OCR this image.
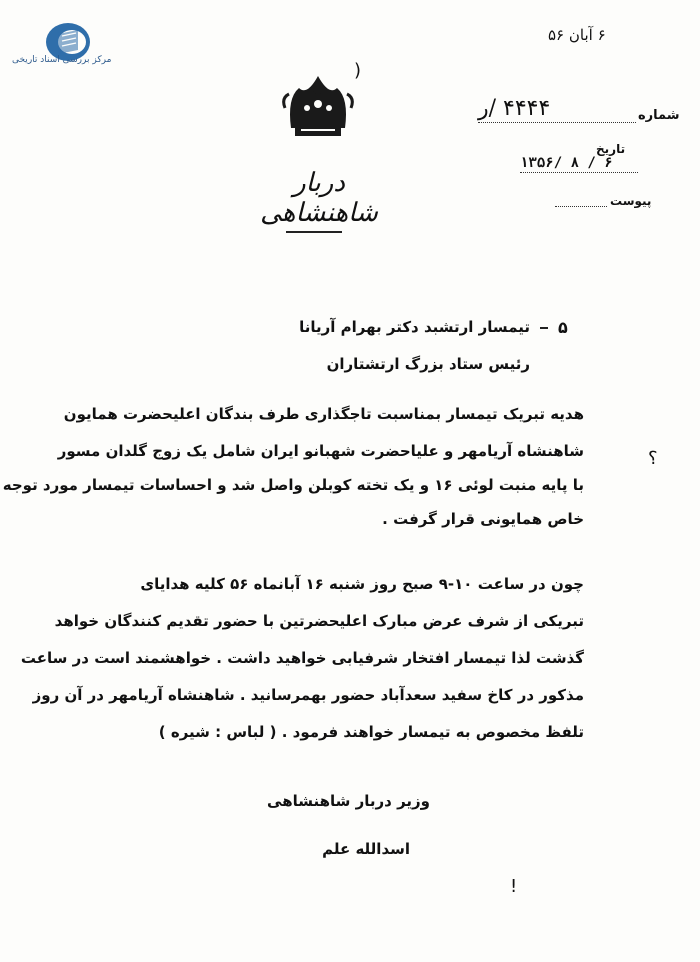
مرکز بررسی اسناد تاریخی
۶ آبان ۵۶
)
دربار شاهنشاهی
شماره
۴۴۴۴ /ر
تاریخ
۱۳۵۶/ ۸ / ۶
پیوست
۵
تیمسار ارتشبد دکتر بهرام آریانا
رئیس ستاد بزرگ ارتشتاران
هدیه تبریک تیمسار بمناسبت تاجگذاری طرف بندگان اعلیحضرت همایون
شاهنشاه آریامهر و علیاحضرت شهبانو ایران شامل یک زوج گلدان مسور
با پایه منبت لوئی ۱۶ و یک تخته کوبلن واصل شد و احساسات تیمسار مورد توجه
خاص همایونی قرار گرفت .
؟
چون در ساعت ۱۰-۹ صبح روز شنبه ۱۶ آبانماه ۵۶ کلیه هدایای
تبریکی از شرف عرض مبارک اعلیحضرتین با حضور تقدیم کنندگان خواهد
گذشت لذا تیمسار افتخار شرفیابی خواهید داشت . خواهشمند است در ساعت
مذکور در کاخ سفید سعدآباد حضور بهمرسانید . شاهنشاه آریامهر در آن روز
تلفظ مخصوص به تیمسار خواهند فرمود . ( لباس : شیره )
وزیر دربار شاهنشاهی
اسدالله علم
!
